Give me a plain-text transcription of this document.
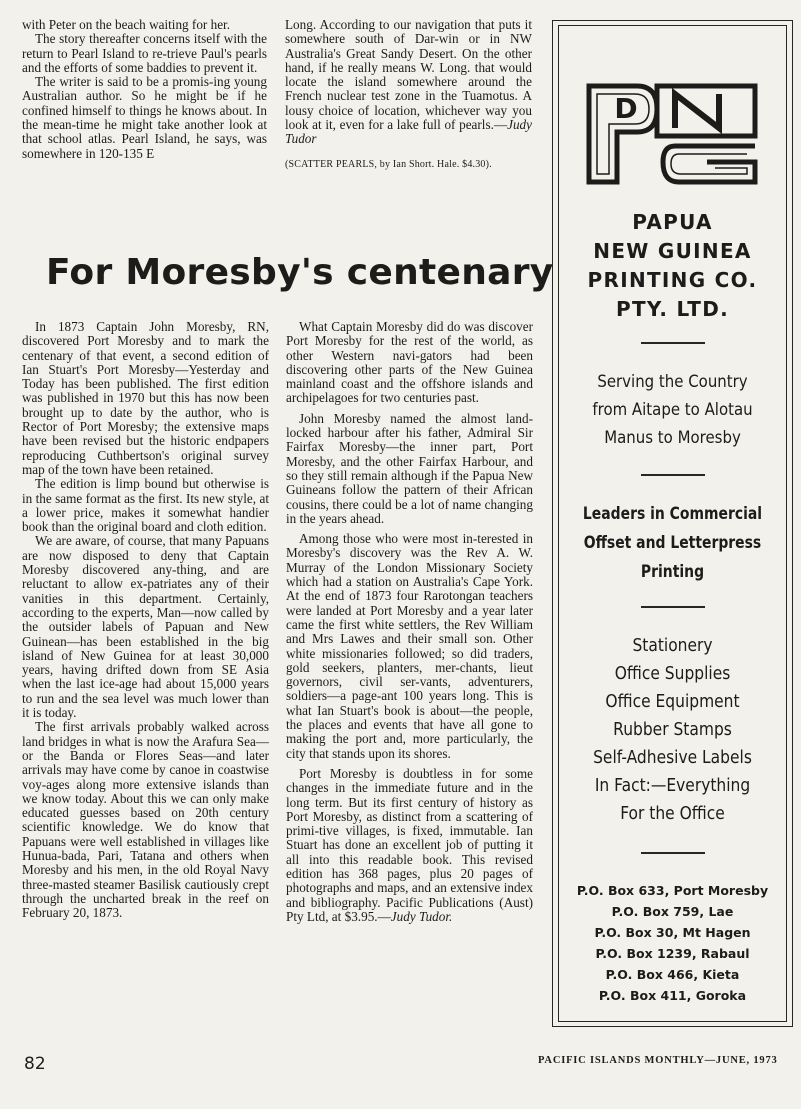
with Peter on the beach waiting for her.

The story thereafter concerns itself with the return to Pearl Island to re-trieve Paul's pearls and the efforts of some baddies to prevent it.

The writer is said to be a promis-ing young Australian author. So he might be if he confined himself to things he knows about. In the mean-time he might take another look at that school atlas. Pearl Island, he says, was somewhere in 120-135 E

Long. According to our navigation that puts it somewhere south of Dar-win or in NW Australia's Great Sandy Desert. On the other hand, if he really means W. Long. that would locate the island somewhere around the French nuclear test zone in the Tuamotus. A lousy choice of location, whichever way you look at it, even for a lake full of pearls.—Judy Tudor

(SCATTER PEARLS, by Ian Short. Hale. $4.30).

For Moresby's centenary

In 1873 Captain John Moresby, RN, discovered Port Moresby and to mark the centenary of that event, a second edition of Ian Stuart's Port Moresby—Yesterday and Today has been published. The first edition was published in 1970 but this has now been brought up to date by the author, who is Rector of Port Moresby; the extensive maps have been revised but the historic endpapers reproducing Cuthbertson's original survey map of the town have been retained.

The edition is limp bound but otherwise is in the same format as the first. Its new style, at a lower price, makes it somewhat handier book than the original board and cloth edition.

We are aware, of course, that many Papuans are now disposed to deny that Captain Moresby discovered any-thing, and are reluctant to allow ex-patriates any of their vanities in this department. Certainly, according to the experts, Man—now called by the outsider labels of Papuan and New Guinean—has been established in the big island of New Guinea for at least 30,000 years, having drifted down from SE Asia when the last ice-age had about 15,000 years to run and the sea level was much lower than it is today.

The first arrivals probably walked across land bridges in what is now the Arafura Sea—or the Banda or Flores Seas—and later arrivals may have come by canoe in coastwise voy-ages along more extensive islands than we know today. About this we can only make educated guesses based on 20th century scientific knowledge. We do know that Papuans were well established in villages like Hunua-bada, Pari, Tatana and others when Moresby and his men, in the old Royal Navy three-masted steamer Basilisk cautiously crept through the uncharted break in the reef on February 20, 1873.

What Captain Moresby did do was discover Port Moresby for the rest of the world, as other Western navi-gators had been discovering other parts of the New Guinea mainland coast and the offshore islands and archipelagoes for two centuries past.

John Moresby named the almost land-locked harbour after his father, Admiral Sir Fairfax Moresby—the inner part, Port Moresby, and the other Fairfax Harbour, and so they still remain although if the Papua New Guineans follow the pattern of their African cousins, there could be a lot of name changing in the years ahead.

Among those who were most in-terested in Moresby's discovery was the Rev A. W. Murray of the London Missionary Society which had a station on Australia's Cape York. At the end of 1873 four Rarotongan teachers were landed at Port Moresby and a year later came the first white settlers, the Rev William and Mrs Lawes and their small son. Other white missionaries followed; so did traders, gold seekers, planters, mer-chants, lieut governors, civil ser-vants, adventurers, soldiers—a page-ant 100 years long. This is what Ian Stuart's book is about—the people, the places and events that have all gone to making the port and, more particularly, the city that stands upon its shores.

Port Moresby is doubtless in for some changes in the immediate future and in the long term. But its first century of history as Port Moresby, as distinct from a scattering of primi-tive villages, is fixed, immutable. Ian Stuart has done an excellent job of putting it all into this readable book. This revised edition has 368 pages, plus 20 pages of photographs and maps, and an extensive index and bibliography. Pacific Publications (Aust) Pty Ltd, at $3.95.—Judy Tudor.

D
PAPUA
NEW GUINEA
PRINTING CO.
PTY. LTD.
Serving the Country
from Aitape to Alotau
Manus to Moresby
Leaders in Commercial
Offset and Letterpress
Printing
Stationery
Office Supplies
Office Equipment
Rubber Stamps
Self-Adhesive Labels
In Fact:—Everything
For the Office
P.O. Box 633, Port Moresby
P.O. Box 759, Lae
P.O. Box 30, Mt Hagen
P.O. Box 1239, Rabaul
P.O. Box 466, Kieta
P.O. Box 411, Goroka
82	PACIFIC ISLANDS MONTHLY—JUNE, 1973
